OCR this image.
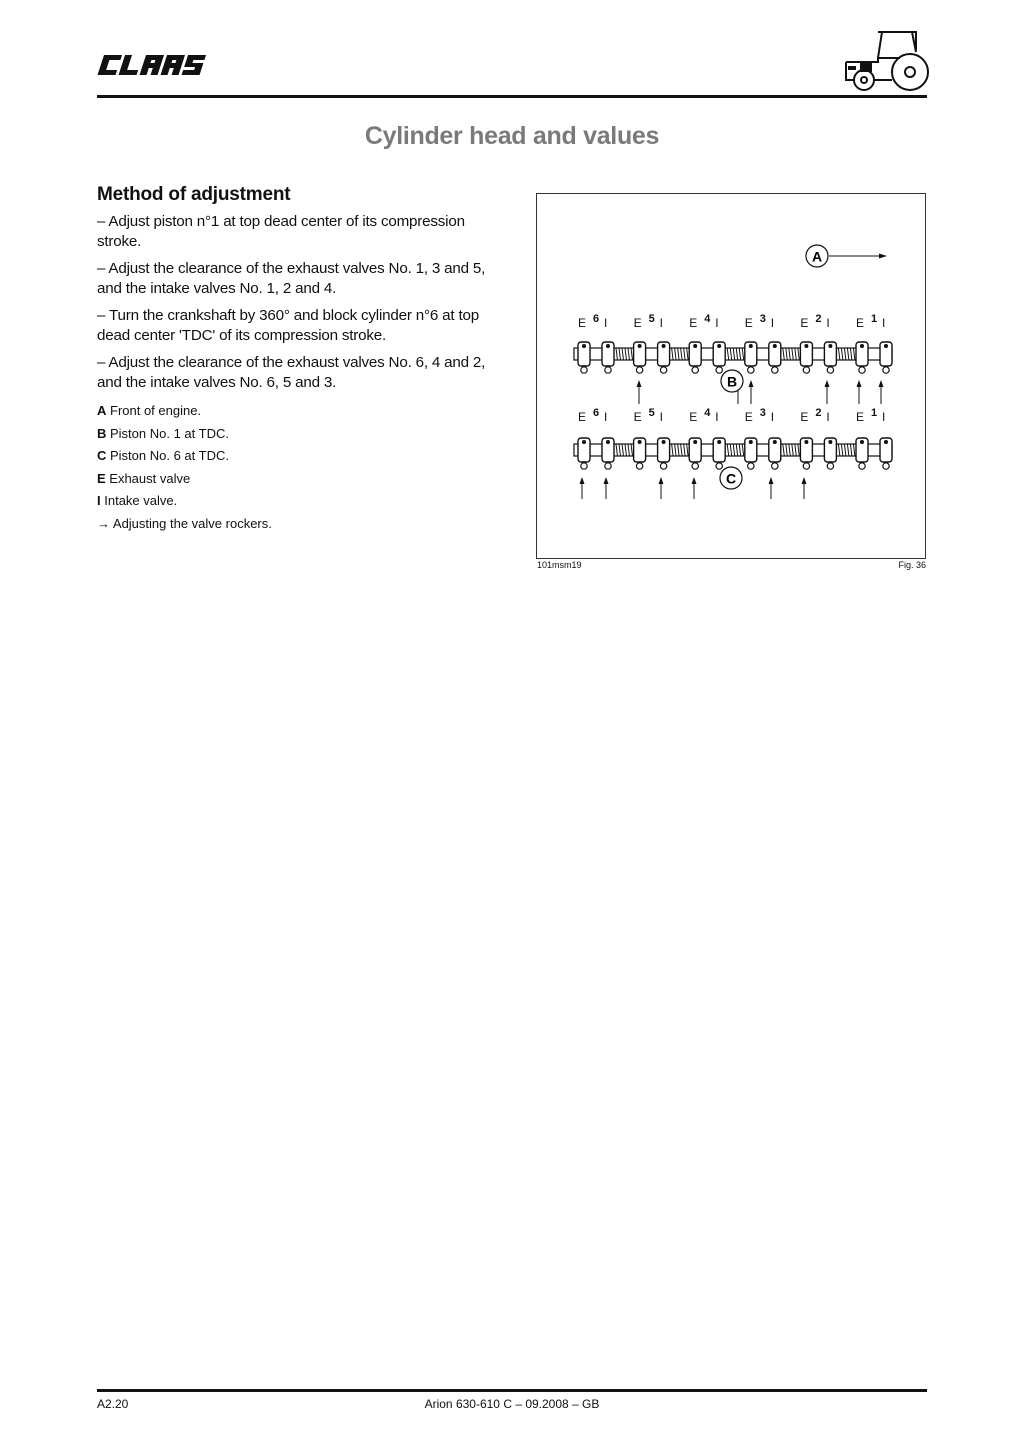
Cylinder head and values
Method of adjustment
– Adjust piston n°1 at top dead center of its compression stroke.
– Adjust the clearance of the exhaust valves No. 1, 3 and 5, and the intake valves No. 1, 2 and 4.
– Turn the crankshaft by 360° and block cylinder n°6 at top dead center 'TDC' of its compression stroke.
– Adjust the clearance of the exhaust valves No. 6, 4 and 2, and the intake valves No. 6, 5 and 3.
A Front of engine.
B Piston No. 1 at TDC.
C Piston No. 6 at TDC.
E Exhaust valve
I Intake valve.
→ Adjusting the valve rockers.
A
E 6 I E 5 I E 4 I E 3 I E 2 I E 1 I
E 6 I E 5 I E 4 I E 3 I E 2 I E 1 I
B
C
101msm19	Fig. 36
A2.20	Arion 630-610 C – 09.2008 – GB
